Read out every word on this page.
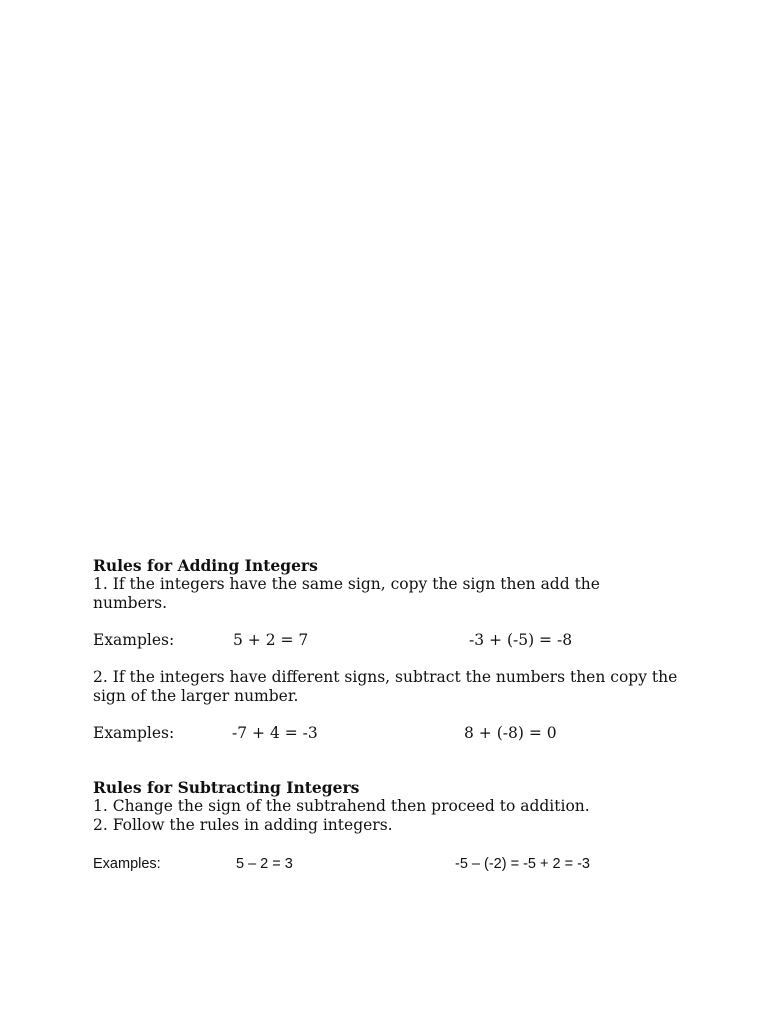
Rules for Adding Integers

1. If the integers have the same sign, copy the sign then add the numbers.

Examples:	5 + 2 = 7	-3 + (-5) = -8

2. If the integers have different signs, subtract the numbers then copy the sign of the larger number.

Examples:	-7 + 4 = -3	8 + (-8) = 0

Rules for Subtracting Integers

1. Change the sign of the subtrahend then proceed to addition.

2. Follow the rules in adding integers.

Examples:	5 – 2 = 3	-5 – (-2) = -5 + 2 = -3
